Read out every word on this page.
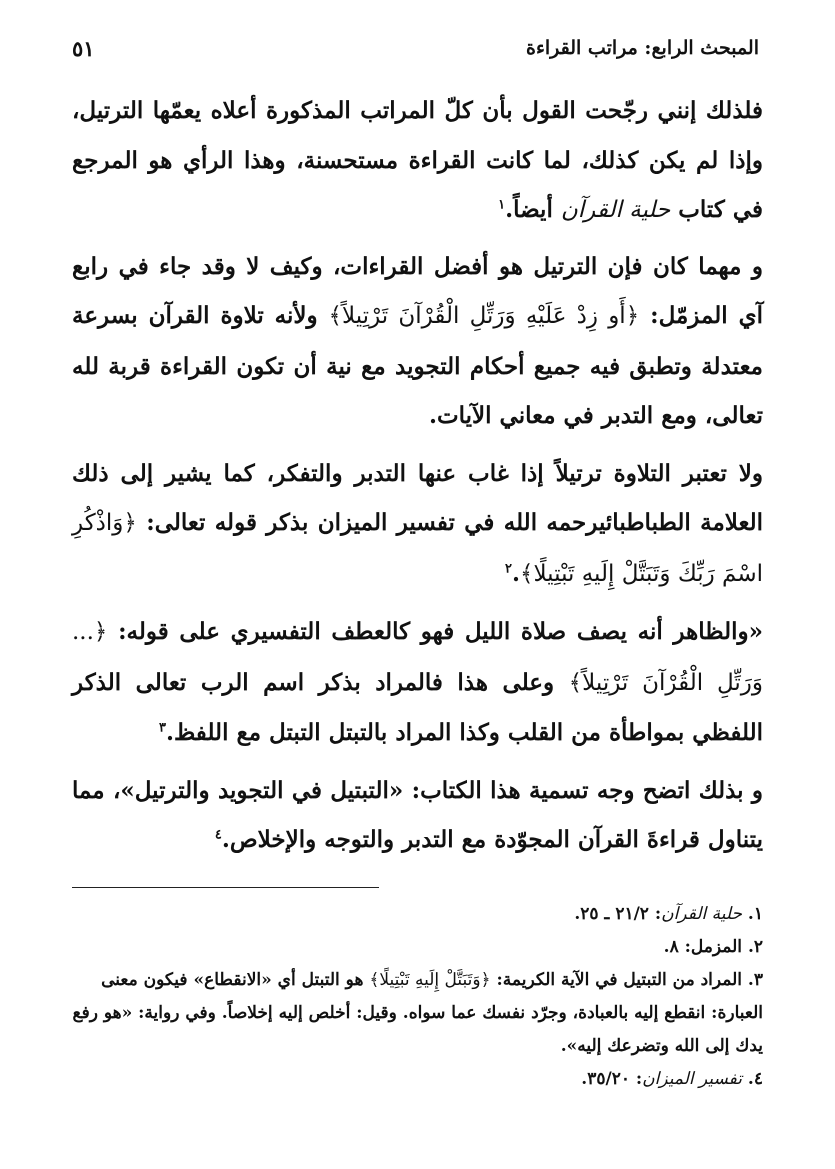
المبحث الرابع: مراتب القراءة
٥١

فلذلك إنني رجّحت القول بأن كلّ المراتب المذكورة أعلاه يعمّها الترتيل، وإذا لم يكن كذلك، لما كانت القراءة مستحسنة، وهذا الرأي هو المرجع في كتاب حلية القرآن أيضاً.$^١$

و مهما كان فإن الترتيل هو أفضل القراءات، وكيف لا وقد جاء في رابع آي المزمّل: ﴿أَو زِدْ عَلَيْهِ وَرَتِّلِ الْقُرْآنَ تَرْتِيلاً﴾ ولأنه تلاوة القرآن بسرعة معتدلة وتطبق فيه جميع أحكام التجويد مع نية أن تكون القراءة قربة لله تعالى، ومع التدبر في معاني الآيات.

ولا تعتبر التلاوة ترتيلاً إذا غاب عنها التدبر والتفكر، كما يشير إلى ذلك العلامة الطباطبائيرحمه الله في تفسير الميزان بذكر قوله تعالى: ﴿وَاذْكُرِ اسْمَ رَبِّكَ وَتَبَتَّلْ إِلَيهِ تَبْتِيلًا﴾.$^٢$

«والظاهر أنه يصف صلاة الليل فهو كالعطف التفسيري على قوله: ﴿... وَرَتِّلِ الْقُرْآنَ تَرْتِيلاً﴾ وعلى هذا فالمراد بذكر اسم الرب تعالى الذكر اللفظي بمواطأة من القلب وكذا المراد بالتبتل التبتل مع اللفظ.$^٣$

و بذلك اتضح وجه تسمية هذا الكتاب: «التبتيل في التجويد والترتيل»، مما يتناول قراءةَ القرآن المجوّدة مع التدبر والتوجه والإخلاص.$^٤$

١. حلية القرآن: ٢١/٢ ـ ٢٥.

٢. المزمل: ٨.

٣. المراد من التبتيل في الآية الكريمة: ﴿وَتَبَتَّلْ إِلَيهِ تَبْتِيلًا﴾ هو التبتل أي «الانقطاع» فيكون معنى العبارة: انقطع إليه بالعبادة، وجرّد نفسك عما سواه. وقيل: أخلص إليه إخلاصاً. وفي رواية: «هو رفع يدك إلى الله وتضرعك إليه».

٤. تفسير الميزان: ٣٥/٢٠.
